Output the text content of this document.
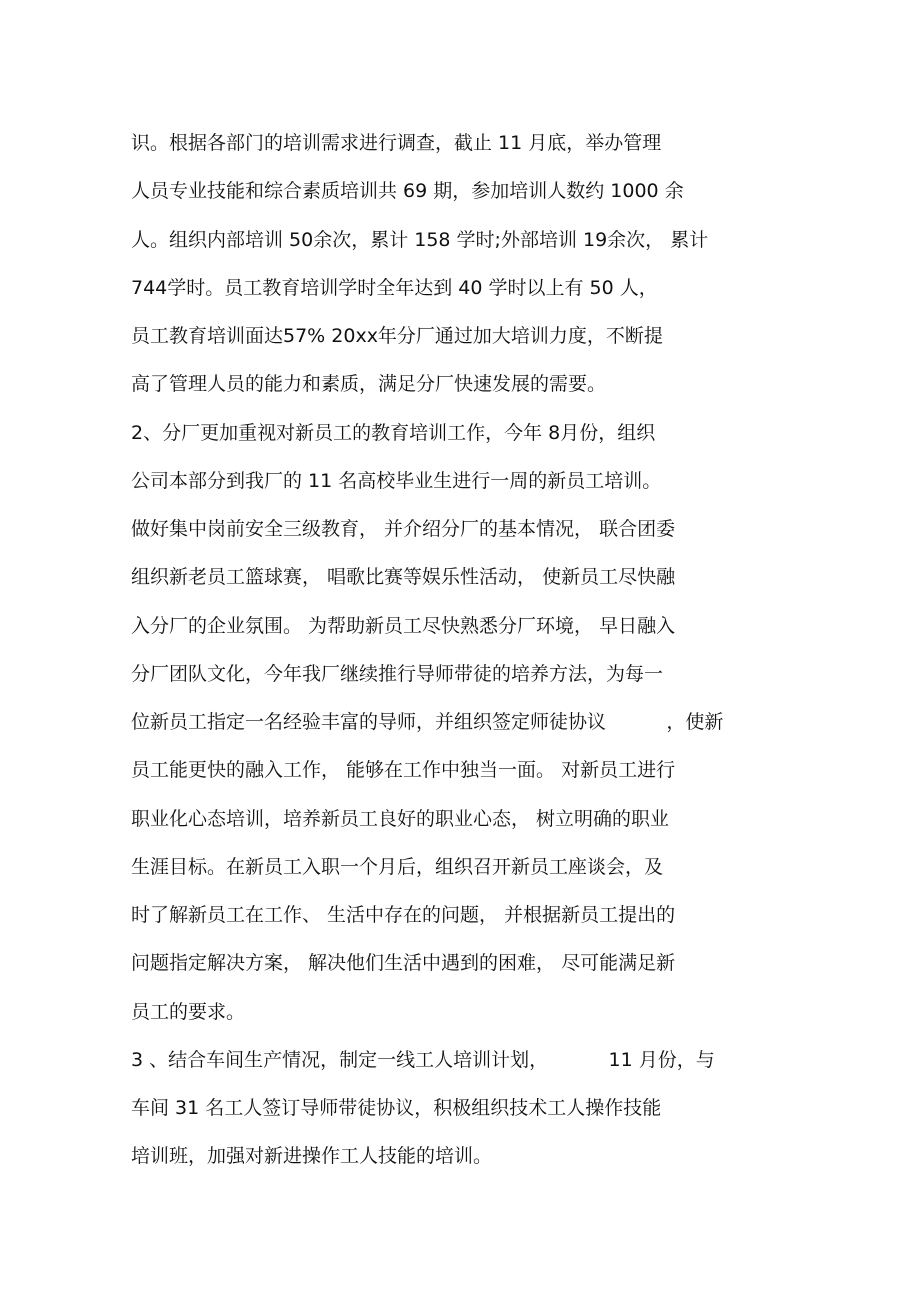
识。根据各部门的培训需求进行调查，截止 11 月底，举办管理
人员专业技能和综合素质培训共 69 期，参加培训人数约 1000 余
人。组织内部培训 50余次，累计 158 学时;外部培训 19余次， 累计
744学时。员工教育培训学时全年达到 40 学时以上有 50 人，
员工教育培训面达57% 20xx年分厂通过加大培训力度，不断提
高了管理人员的能力和素质，满足分厂快速发展的需要。
2、分厂更加重视对新员工的教育培训工作，今年 8月份，组织
公司本部分到我厂的 11 名高校毕业生进行一周的新员工培训。
做好集中岗前安全三级教育， 并介绍分厂的基本情况， 联合团委
组织新老员工篮球赛， 唱歌比赛等娱乐性活动， 使新员工尽快融
入分厂的企业氛围。 为帮助新员工尽快熟悉分厂环境， 早日融入
分厂团队文化，今年我厂继续推行导师带徒的培养方法，为每一
位新员工指定一名经验丰富的导师，并组织签定师徒协议          ，使新
员工能更快的融入工作， 能够在工作中独当一面。 对新员工进行
职业化心态培训，培养新员工良好的职业心态， 树立明确的职业
生涯目标。在新员工入职一个月后，组织召开新员工座谈会，及
时了解新员工在工作、 生活中存在的问题， 并根据新员工提出的
问题指定解决方案， 解决他们生活中遇到的困难， 尽可能满足新
员工的要求。
3 、结合车间生产情况，制定一线工人培训计划，          11 月份，与
车间 31 名工人签订导师带徒协议，积极组织技术工人操作技能
培训班，加强对新进操作工人技能的培训。
